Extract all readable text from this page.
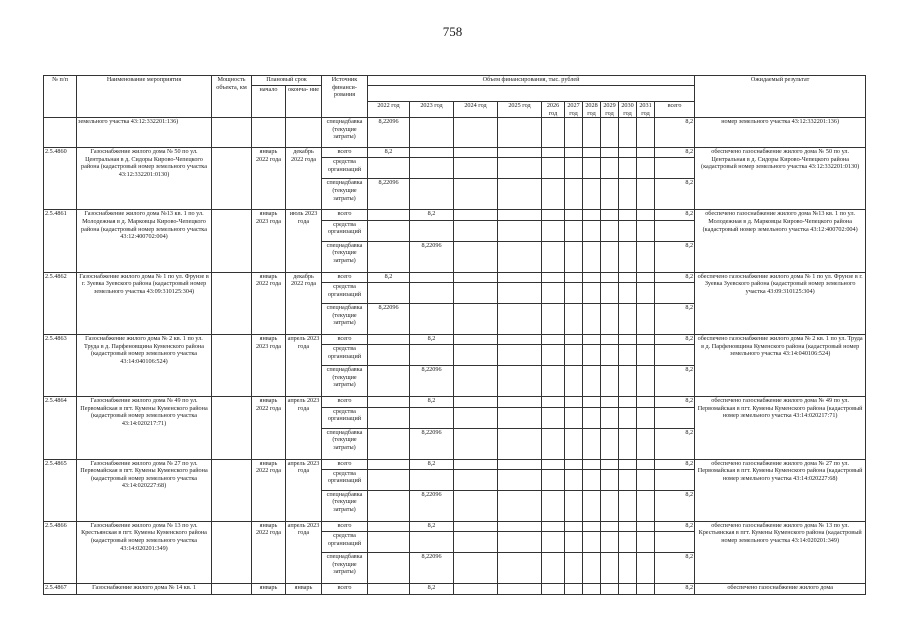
758
№ п/п	Наименование мероприятия	Мощность объекта, км	Плановый срок		Источник финанси- рования	Объем финансирования, тыс. рублей											Ожидаемый результат
			начало	оконча- ние													
						2022 год	2023 год	2024 год	2025 год	2026 год	2027 год	2028 год	2029 год	2030 год	2031 год	всего	
	земельного участка 43:12:332201:136)				спецнадбавка (текущие затраты)	8,22096										8,2	номер земельного участка 43:12:332201:136)
2.5.4860	Газоснабжение жилого дома № 50 по ул. Центральная в д. Сидоры Кирово-Чепецкого района (кадастровый номер земельного участка 43:12:332201:0130)		январь 2022 года	декабрь 2022 года	всего	8,2										8,2	обеспечено газоснабжение жилого дома № 50 по ул. Центральная в д. Сидоры Кирово-Чепецкого района (кадастровый номер земельного участка 43:12:332201:0130)
					средства организаций												
					спецнадбавка (текущие затраты)	8,22096										8,2	
2.5.4861	Газоснабжение жилого дома №13 кв. 1 по ул. Молодежная в д. Марковцы Кирово-Чепецкого района (кадастровый номер земельного участка 43:12:400702:004)		январь 2023 года	июль 2023 года	всего		8,2									8,2	обеспечено газоснабжение жилого дома №13 кв. 1 по ул. Молодежная в д. Марковцы Кирово-Чепецкого района (кадастровый номер земельного участка 43:12:400702:004)
					средства организаций												
					спецнадбавка (текущие затраты)		8,22096									8,2	
2.5.4862	Газоснабжение жилого дома № 1 по ул. Фрунзе в г. Зуевка Зуевского района (кадастровый номер земельного участка 43:09:310125:304)		январь 2022 года	декабрь 2022 года	всего	8,2										8,2	обеспечено газоснабжение жилого дома № 1 по ул. Фрунзе в г. Зуевка Зуевского района (кадастровый номер земельного участка 43:09:310125:304)
					средства организаций												
					спецнадбавка (текущие затраты)	8,22096										8,2	
2.5.4863	Газоснабжение жилого дома № 2 кв. 1 по ул. Труда в д. Парфеновщина Куменского района (кадастровый номер земельного участка 43:14:040106:524)		январь 2023 года	апрель 2023 года	всего		8,2									8,2	обеспечено газоснабжение жилого дома № 2 кв. 1 по ул. Труда в д. Парфеновщина Куменского района (кадастровый номер земельного участка 43:14:040106:524)
					средства организаций												
					спецнадбавка (текущие затраты)		8,22096									8,2	
2.5.4864	Газоснабжение жилого дома № 49 по ул. Первомайская в пгт. Кумены Куменского района (кадастровый номер земельного участка 43:14:020217:71)		январь 2022 года	апрель 2023 года	всего		8,2									8,2	обеспечено газоснабжение жилого дома № 49 по ул. Первомайская в пгт. Кумены Куменского района (кадастровый номер земельного участка 43:14:020217:71)
					средства организаций												
					спецнадбавка (текущие затраты)		8,22096									8,2	
2.5.4865	Газоснабжение жилого дома № 27 по ул. Первомайская в пгт. Кумены Куменского района (кадастровый номер земельного участка 43:14:020227:68)		январь 2022 года	апрель 2023 года	всего		8,2									8,2	обеспечено газоснабжение жилого дома № 27 по ул. Первомайская в пгт. Кумены Куменского района (кадастровый номер земельного участка 43:14:020227:68)
					средства организаций												
					спецнадбавка (текущие затраты)		8,22096									8,2	
2.5.4866	Газоснабжение жилого дома № 13 по ул. Крестьянская в пгт. Кумены Куменского района (кадастровый номер земельного участка 43:14:020201:349)		январь 2022 года	апрель 2023 года	всего		8,2									8,2	обеспечено газоснабжение жилого дома № 13 по ул. Крестьянская в пгт. Кумены Куменского района (кадастровый номер земельного участка 43:14:020201:349)
					средства организаций												
					спецнадбавка (текущие затраты)		8,22096									8,2	
2.5.4867	Газоснабжение жилого дома № 14 кв. 1		январь	январь	всего		8,2									8,2	обеспечено газоснабжение жилого дома
